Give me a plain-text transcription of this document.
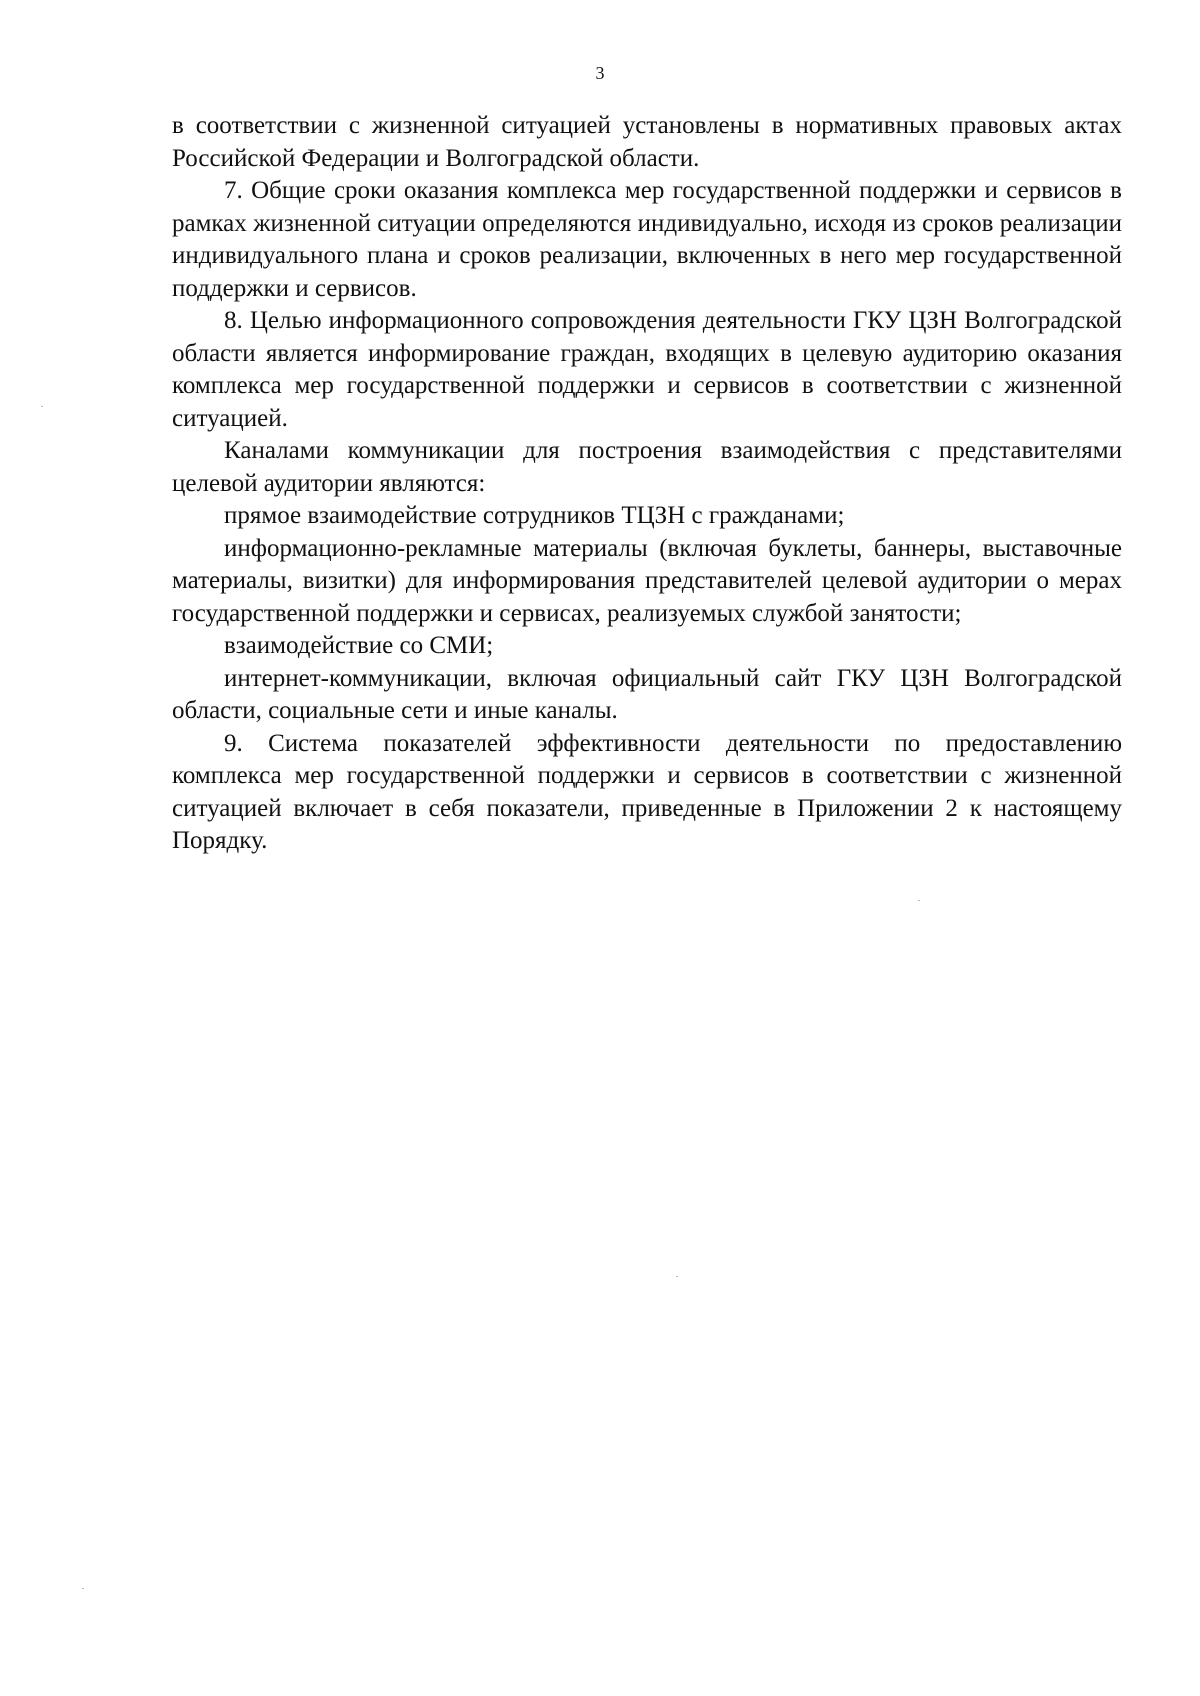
3

в соответствии с жизненной ситуацией установлены в нормативных правовых актах Российской Федерации и Волгоградской области.

7. Общие сроки оказания комплекса мер государственной поддержки и сервисов в рамках жизненной ситуации определяются индивидуально, исходя из сроков реализации индивидуального плана и сроков реализации, включенных в него мер государственной поддержки и сервисов.

8. Целью информационного сопровождения деятельности ГКУ ЦЗН Волгоградской области является информирование граждан, входящих в целевую аудиторию оказания комплекса мер государственной поддержки и сервисов в соответствии с жизненной ситуацией.

Каналами коммуникации для построения взаимодействия с представителями целевой аудитории являются:

прямое взаимодействие сотрудников ТЦЗН с гражданами;

информационно-рекламные материалы (включая буклеты, баннеры, выставочные материалы, визитки) для информирования представителей целевой аудитории о мерах государственной поддержки и сервисах, реализуемых службой занятости;

взаимодействие со СМИ;

интернет-коммуникации, включая официальный сайт ГКУ ЦЗН Волгоградской области, социальные сети и иные каналы.

9. Система показателей эффективности деятельности по предоставлению комплекса мер государственной поддержки и сервисов в соответствии с жизненной ситуацией включает в себя показатели, приведенные в Приложении 2 к настоящему Порядку.
